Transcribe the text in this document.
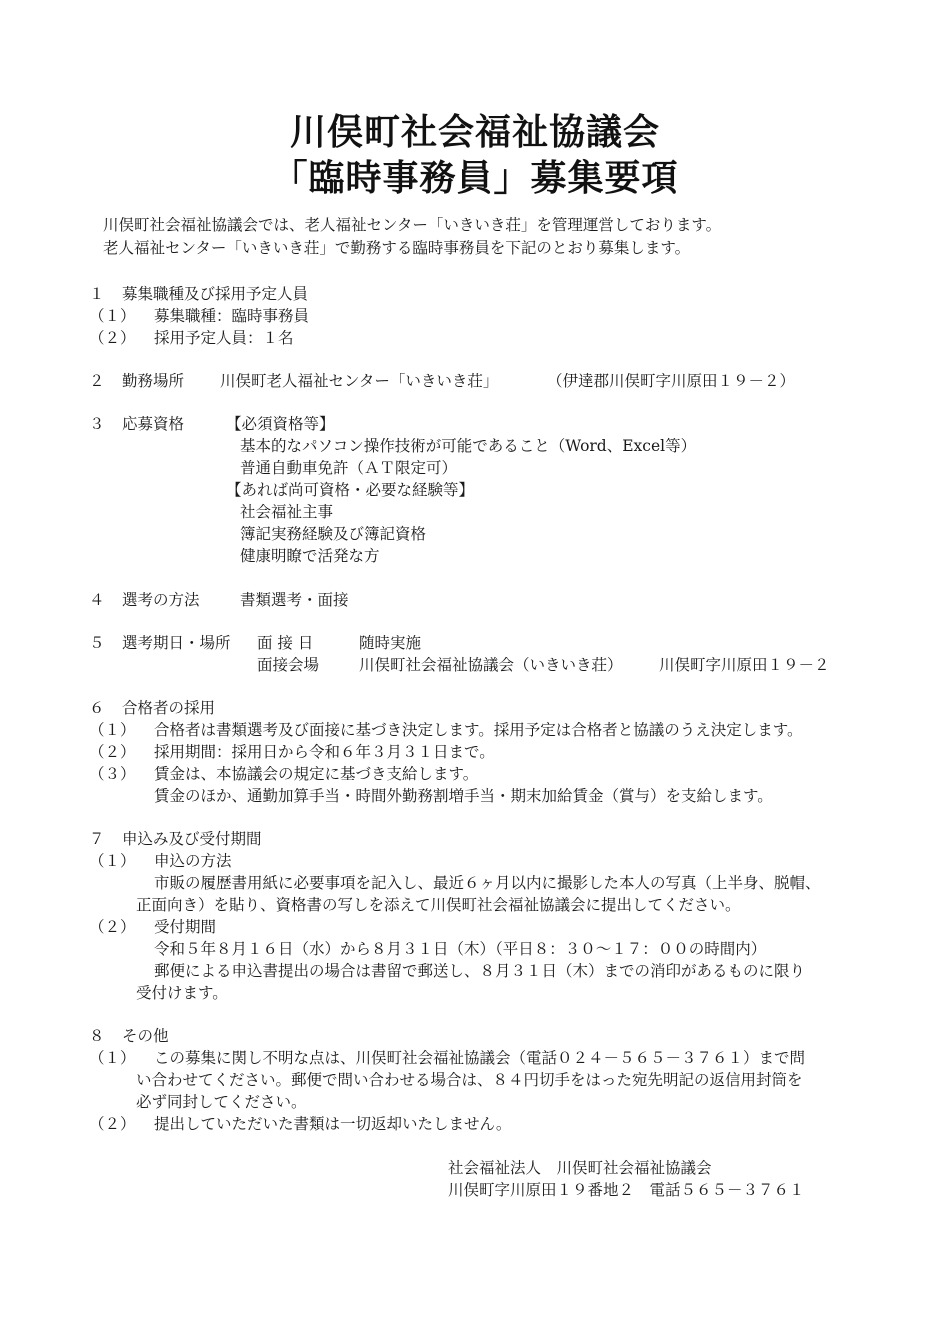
川俣町社会福祉協議会
「臨時事務員」募集要項
川俣町社会福祉協議会では、老人福祉センター「いきいき荘」を管理運営しております。
老人福祉センター「いきいき荘」で勤務する臨時事務員を下記のとおり募集します。
１ 募集職種及び採用予定人員
（１） 募集職種：臨時事務員
（２） 採用予定人員：１名
２ 勤務場所 川俣町老人福祉センター「いきいき荘」	（伊達郡川俣町字川原田１９－２）
３ 応募資格	【必須資格等】
基本的なパソコン操作技術が可能であること（Word、Excel等）
普通自動車免許（ＡＴ限定可）
【あれば尚可資格・必要な経験等】
社会福祉主事
簿記実務経験及び簿記資格
健康明瞭で活発な方
４ 選考の方法	書類選考・面接
５ 選考期日・場所 面 接 日	随時実施
面接会場	川俣町社会福祉協議会（いきいき荘） 川俣町字川原田１９－２
６ 合格者の採用
（１） 合格者は書類選考及び面接に基づき決定します。採用予定は合格者と協議のうえ決定します。
（２） 採用期間：採用日から令和６年３月３１日まで。
（３） 賃金は、本協議会の規定に基づき支給します。
賃金のほか、通勤加算手当・時間外勤務割増手当・期末加給賃金（賞与）を支給します。
７ 申込み及び受付期間
（１） 申込の方法
市販の履歴書用紙に必要事項を記入し、最近６ヶ月以内に撮影した本人の写真（上半身、脱帽、
正面向き）を貼り、資格書の写しを添えて川俣町社会福祉協議会に提出してください。
（２） 受付期間
令和５年８月１６日（水）から８月３１日（木）（平日８：３０～１７：００の時間内）
郵便による申込書提出の場合は書留で郵送し、８月３１日（木）までの消印があるものに限り
受付けます。
８ その他
（１） この募集に関し不明な点は、川俣町社会福祉協議会（電話０２４－５６５－３７６１）まで問
い合わせてください。郵便で問い合わせる場合は、８４円切手をはった宛先明記の返信用封筒を
必ず同封してください。
（２） 提出していただいた書類は一切返却いたしません。
社会福祉法人　川俣町社会福祉協議会
川俣町字川原田１９番地２　電話５６５－３７６１
